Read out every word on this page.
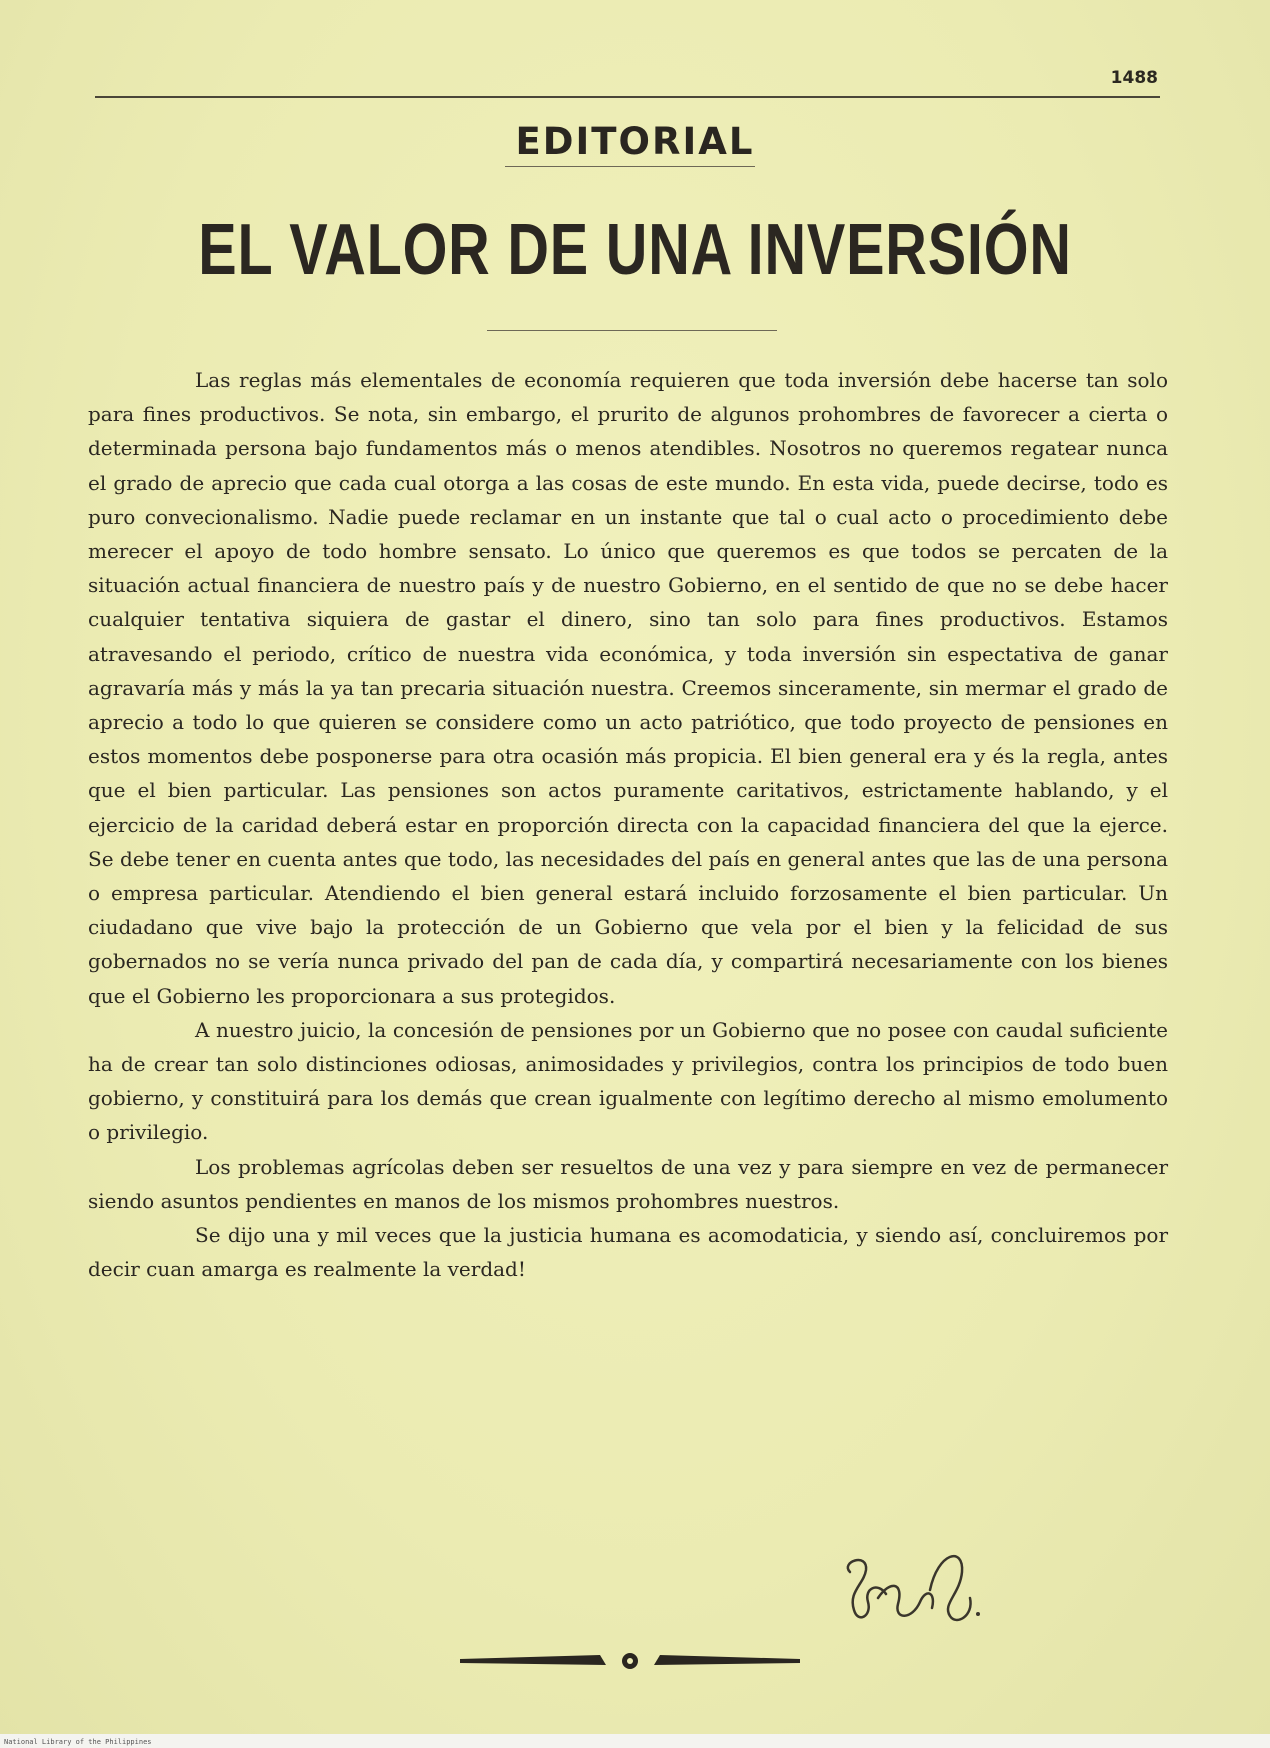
1488
EDITORIAL
EL VALOR DE UNA INVERSIÓN

Las reglas más elementales de economía requieren que toda inversión debe hacerse tan solo para fines productivos. Se nota, sin embargo, el prurito de algunos prohombres de favorecer a cierta o determinada persona bajo fundamentos más o menos atendibles. Nosotros no queremos regatear nunca el grado de aprecio que cada cual otorga a las cosas de este mundo. En esta vida, puede decirse, todo es puro convecionalismo. Nadie puede reclamar en un instante que tal o cual acto o procedimiento debe merecer el apoyo de todo hombre sensato. Lo único que queremos es que todos se percaten de la situación actual financiera de nuestro país y de nuestro Gobierno, en el sentido de que no se debe hacer cualquier tentativa siquiera de gastar el dinero, sino tan solo para fines productivos. Estamos atravesando el periodo, crítico de nuestra vida económica, y toda inversión sin espectativa de ganar agravaría más y más la ya tan precaria situación nuestra. Creemos sinceramente, sin mermar el grado de aprecio a todo lo que quieren se considere como un acto patriótico, que todo proyecto de pensiones en estos momentos debe posponerse para otra ocasión más propicia. El bien general era y és la regla, antes que el bien particular. Las pensiones son actos puramente caritativos, estrictamente hablando, y el ejercicio de la caridad deberá estar en proporción directa con la capacidad financiera del que la ejerce. Se debe tener en cuenta antes que todo, las necesidades del país en general antes que las de una persona o empresa particular. Atendiendo el bien general estará incluido forzosamente el bien particular. Un ciudadano que vive bajo la protección de un Gobierno que vela por el bien y la felicidad de sus gobernados no se vería nunca privado del pan de cada día, y compartirá necesariamente con los bienes que el Gobierno les proporcionara a sus protegidos.

A nuestro juicio, la concesión de pensiones por un Gobierno que no posee con caudal suficiente ha de crear tan solo distinciones odiosas, animosidades y privilegios, contra los principios de todo buen gobierno, y constituirá para los demás que crean igualmente con legítimo derecho al mismo emolumento o privilegio.

Los problemas agrícolas deben ser resueltos de una vez y para siempre en vez de permanecer siendo asuntos pendientes en manos de los mismos prohombres nuestros.

Se dijo una y mil veces que la justicia humana es acomodaticia, y siendo así, concluiremos por decir cuan amarga es realmente la verdad!

National Library of the Philippines
